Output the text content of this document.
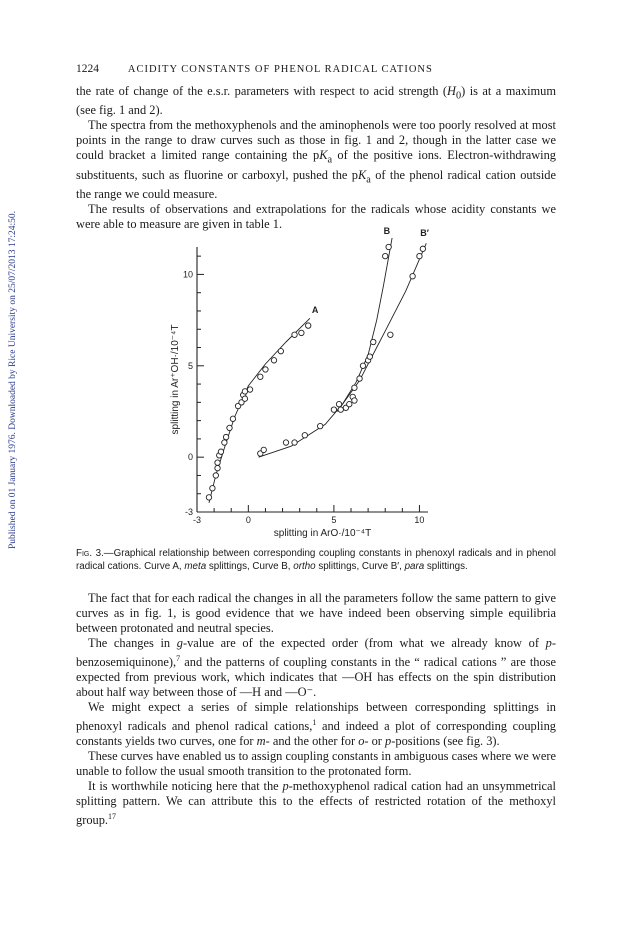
Published on 01 January 1976. Downloaded by Rice University on 25/07/2013 17:24:50.
1224	ACIDITY CONSTANTS OF PHENOL RADICAL CATIONS

the rate of change of the e.s.r. parameters with respect to acid strength $(H_0)$ is at a maximum (see fig. 1 and 2).

The spectra from the methoxyphenols and the aminophenols were too poorly resolved at most points in the range to draw curves such as those in fig. 1 and 2, though in the latter case we could bracket a limited range containing the $pK_a$ of the positive ions. Electron-withdrawing substituents, such as fluorine or carboxyl, pushed the $pK_a$ of the phenol radical cation outside the range we could measure.

The results of observations and extrapolations for the radicals whose acidity constants we were able to measure are given in table 1.

-3	0	5	10
-3
0
5
10
splitting in ArO·/10⁻⁴T
splitting in Ar⁺OH·/10⁻⁴T
A
B	B′
Fig. 3.—Graphical relationship between corresponding coupling constants in phenoxyl radicals and in phenol radical cations. Curve A, meta splittings, Curve B, ortho splittings, Curve B′, para splittings.

The fact that for each radical the changes in all the parameters follow the same pattern to give curves as in fig. 1, is good evidence that we have indeed been observing simple equilibria between protonated and neutral species.

The changes in g-value are of the expected order (from what we already know of p-benzosemiquinone),$^7$ and the patterns of coupling constants in the “ radical cations ” are those expected from previous work, which indicates that —OH has effects on the spin distribution about half way between those of —H and —O⁻.

We might expect a series of simple relationships between corresponding splittings in phenoxyl radicals and phenol radical cations,$^1$ and indeed a plot of corresponding coupling constants yields two curves, one for m- and the other for o- or p-positions (see fig. 3).

These curves have enabled us to assign coupling constants in ambiguous cases where we were unable to follow the usual smooth transition to the protonated form.

It is worthwhile noticing here that the p-methoxyphenol radical cation had an unsymmetrical splitting pattern. We can attribute this to the effects of restricted rotation of the methoxyl group.$^{17}$
